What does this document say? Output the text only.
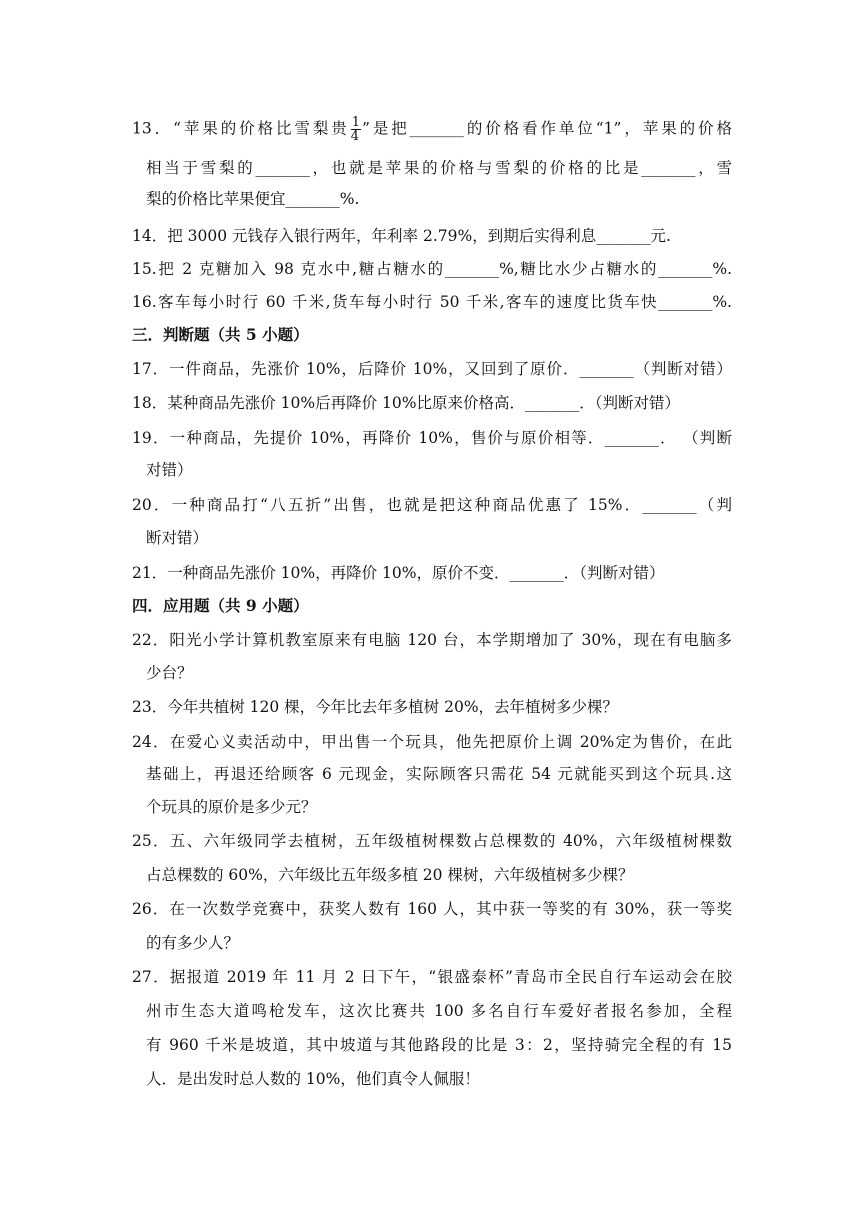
13．“苹果的价格比雪梨贵 $\frac{1}{4}$ ”是把_______的价格看作单位“1”，苹果的价格
相当于雪梨的_______，也就是苹果的价格与雪梨的价格的比是_______，雪
梨的价格比苹果便宜_______%.
14．把 3000 元钱存入银行两年，年利率 2.79%，到期后实得利息_______元.
15.把 2 克糖加入 98 克水中,糖占糖水的_______%,糖比水少占糖水的_______%.
16.客车每小时行 60 千米,货车每小时行 50 千米,客车的速度比货车快_______%.
三．判断题（共 5 小题）
17．一件商品，先涨价 10%，后降价 10%，又回到了原价．_______（判断对错）
18．某种商品先涨价 10%后再降价 10%比原来价格高．_______．（判断对错）
19．一种商品，先提价 10%，再降价 10%，售价与原价相等．_______． （判断
对错）
20．一种商品打“八五折”出售，也就是把这种商品优惠了 15%．_______（判
断对错）
21．一种商品先涨价 10%，再降价 10%，原价不变．_______．（判断对错）
四．应用题（共 9 小题）
22．阳光小学计算机教室原来有电脑 120 台，本学期增加了 30%，现在有电脑多
少台？
23．今年共植树 120 棵，今年比去年多植树 20%，去年植树多少棵？
24．在爱心义卖活动中，甲出售一个玩具，他先把原价上调 20%定为售价，在此
基础上，再退还给顾客 6 元现金，实际顾客只需花 54 元就能买到这个玩具.这
个玩具的原价是多少元？
25．五、六年级同学去植树，五年级植树棵数占总棵数的 40%，六年级植树棵数
占总棵数的 60%，六年级比五年级多植 20 棵树，六年级植树多少棵？
26．在一次数学竞赛中，获奖人数有 160 人，其中获一等奖的有 30%，获一等奖
的有多少人？
27．据报道 2019 年 11 月 2 日下午，“银盛泰杯”青岛市全民自行车运动会在胶
州市生态大道鸣枪发车，这次比赛共 100 多名自行车爱好者报名参加，全程
有 960 千米是坡道，其中坡道与其他路段的比是 3：2，坚持骑完全程的有 15
人．是出发时总人数的 10%，他们真令人佩服！
